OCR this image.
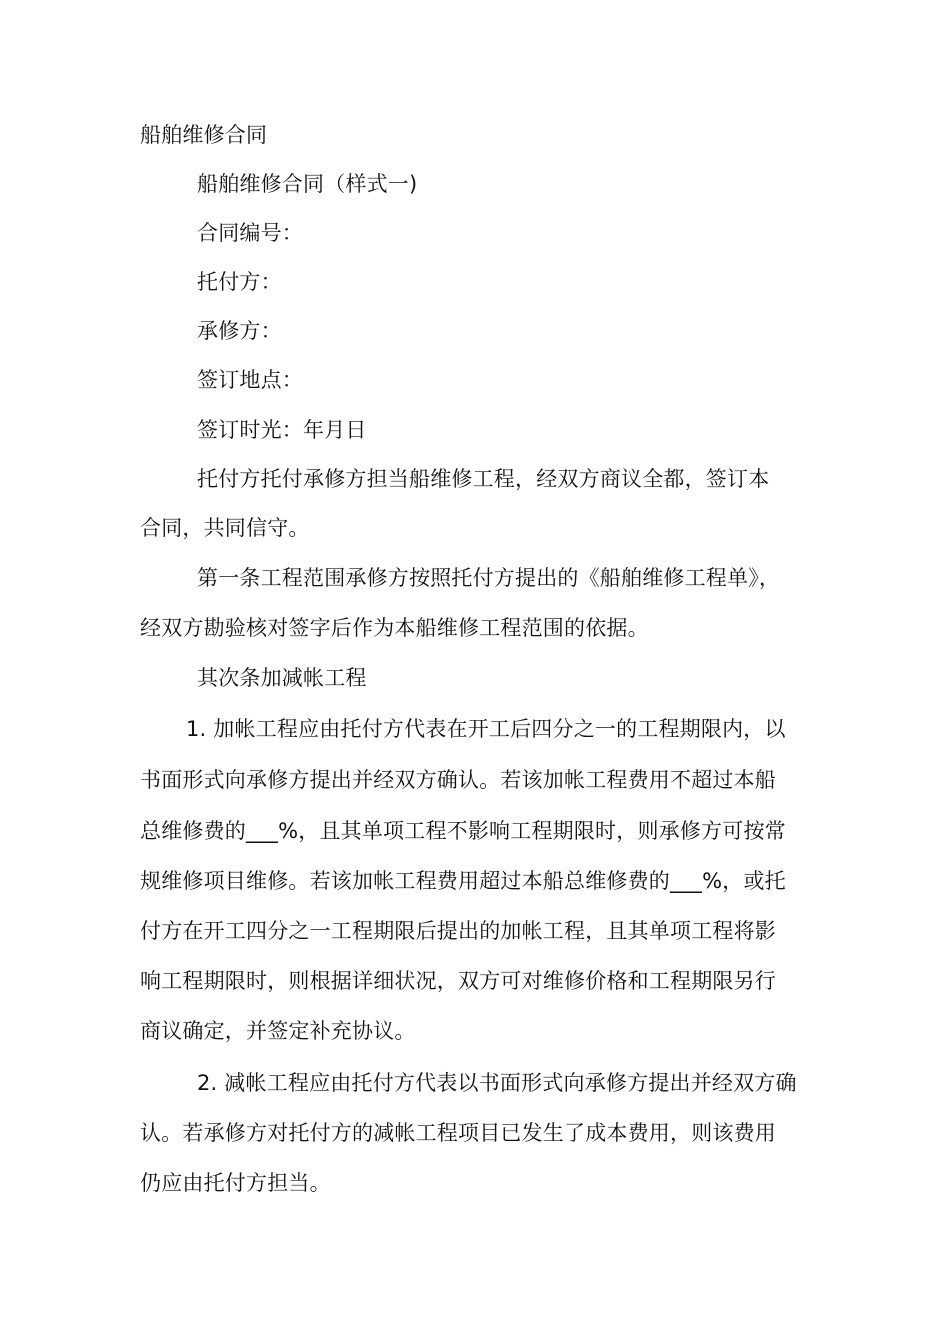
船舶维修合同
船舶维修合同（样式一)
合同编号：
托付方：
承修方：
签订地点：
签订时光：年月日
托付方托付承修方担当船维修工程，经双方商议全都，签订本
合同，共同信守。
第一条工程范围承修方按照托付方提出的《船舶维修工程单》，
经双方勘验核对签字后作为本船维修工程范围的依据。
其次条加减帐工程
1. 加帐工程应由托付方代表在开工后四分之一的工程期限内，以
书面形式向承修方提出并经双方确认。若该加帐工程费用不超过本船
总维修费的___%，且其单项工程不影响工程期限时，则承修方可按常
规维修项目维修。若该加帐工程费用超过本船总维修费的___%，或托
付方在开工四分之一工程期限后提出的加帐工程，且其单项工程将影
响工程期限时，则根据详细状况，双方可对维修价格和工程期限另行
商议确定，并签定补充协议。
2. 减帐工程应由托付方代表以书面形式向承修方提出并经双方确
认。若承修方对托付方的减帐工程项目已发生了成本费用，则该费用
仍应由托付方担当。
